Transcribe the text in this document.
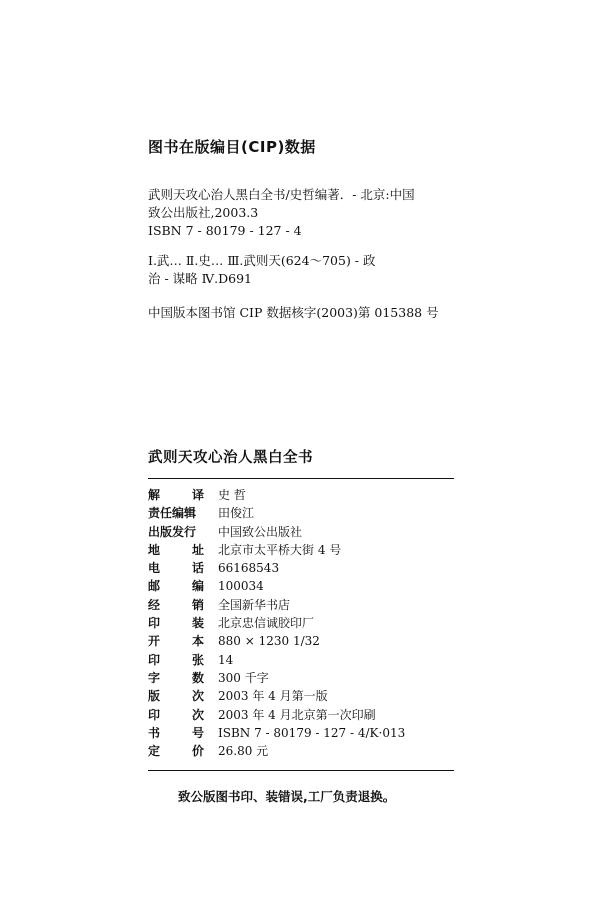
图书在版编目(CIP)数据
武则天攻心治人黑白全书/史哲编著．- 北京:中国
致公出版社,2003.3
ISBN 7 - 80179 - 127 - 4
Ⅰ.武… Ⅱ.史… Ⅲ.武则天(624～705) - 政
治 - 谋略 Ⅳ.D691
中国版本图书馆 CIP 数据核字(2003)第 015388 号
武则天攻心治人黑白全书
解	译 史 哲
责任编辑	田俊江
出版发行	中国致公出版社
地	址 北京市太平桥大街 4 号
电	话 66168543
邮	编 100034
经	销 全国新华书店
印	装 北京忠信诚胶印厂
开	本 880 × 1230 1/32
印	张 14
字	数 300 千字
版	次 2003 年 4 月第一版
印	次 2003 年 4 月北京第一次印刷
书	号 ISBN 7 - 80179 - 127 - 4/K·013
定	价 26.80 元
致公版图书印、装错误,工厂负责退换。
